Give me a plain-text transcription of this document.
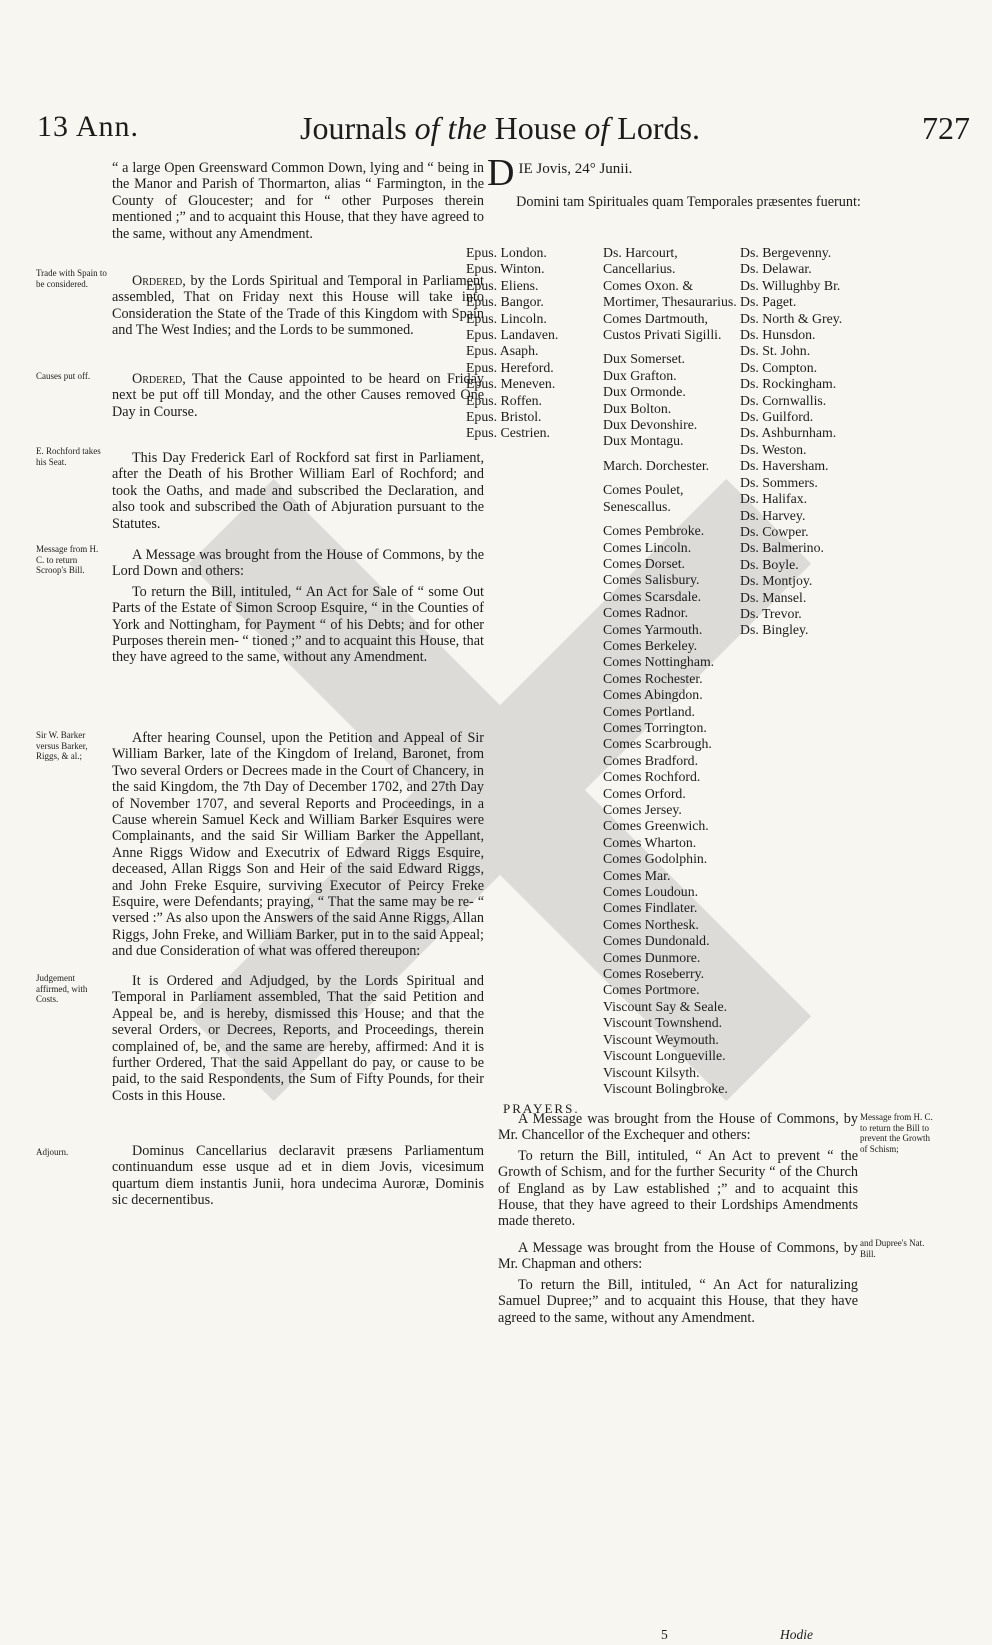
13 Ann.	Journals of the House of Lords.	727

“ a large Open Greensward Common Down, lying and “ being in the Manor and Parish of Thormarton, alias “ Farmington, in the County of Gloucester; and for “ other Purposes therein mentioned ;” and to acquaint this House, that they have agreed to the same, without any Amendment.

Trade with Spain to be considered.	Ordered, by the Lords Spiritual and Temporal in Parliament assembled, That on Friday next this House will take into Consideration the State of the Trade of this Kingdom with Spain and The West Indies; and the Lords to be summoned.

Causes put off.	Ordered, That the Cause appointed to be heard on Friday next be put off till Monday, and the other Causes removed One Day in Course.

E. Rochford takes his Seat.	This Day Frederick Earl of Rockford sat first in Parliament, after the Death of his Brother William Earl of Rochford; and took the Oaths, and made and subscribed the Declaration, and also took and subscribed the Oath of Abjuration pursuant to the Statutes.

Message from H. C. to return Scroop's Bill.

A Message was brought from the House of Commons, by the Lord Down and others:

To return the Bill, intituled, “ An Act for Sale of “ some Out Parts of the Estate of Simon Scroop Esquire, “ in the Counties of York and Nottingham, for Payment “ of his Debts; and for other Purposes therein men- “ tioned ;” and to acquaint this House, that they have agreed to the same, without any Amendment.

Sir W. Barker versus Barker, Riggs, & al.;

After hearing Counsel, upon the Petition and Appeal of Sir William Barker, late of the Kingdom of Ireland, Baronet, from Two several Orders or Decrees made in the Court of Chancery, in the said Kingdom, the 7th Day of December 1702, and 27th Day of November 1707, and several Reports and Proceedings, in a Cause wherein Samuel Keck and William Barker Esquires were Complainants, and the said Sir William Barker the Appellant, Anne Riggs Widow and Executrix of Edward Riggs Esquire, deceased, Allan Riggs Son and Heir of the said Edward Riggs, and John Freke Esquire, surviving Executor of Peircy Freke Esquire, were Defendants; praying, “ That the same may be re- “ versed :” As also upon the Answers of the said Anne Riggs, Allan Riggs, John Freke, and William Barker, put in to the said Appeal; and due Consideration of what was offered thereupon:

Judgement affirmed, with Costs.

It is Ordered and Adjudged, by the Lords Spiritual and Temporal in Parliament assembled, That the said Petition and Appeal be, and is hereby, dismissed this House; and that the several Orders, or Decrees, Reports, and Proceedings, therein complained of, be, and the same are hereby, affirmed: And it is further Ordered, That the said Appellant do pay, or cause to be paid, to the said Respondents, the Sum of Fifty Pounds, for their Costs in this House.

Adjourn.	Dominus Cancellarius declaravit præsens Parliamentum continuandum esse usque ad et in diem Jovis, vicesimum quartum diem instantis Junii, hora undecima Auroræ, Dominis sic decernentibus.

DIE Jovis, 24° Junii.
Domini tam Spirituales quam Temporales præsentes fuerunt:
Epus. London.
Epus. Winton.
Epus. Eliens.
Epus. Bangor.
Epus. Lincoln.
Epus. Landaven.
Epus. Asaph.
Epus. Hereford.
Epus. Meneven.
Epus. Roffen.
Epus. Bristol.
Epus. Cestrien.
Ds. Harcourt, Cancellarius.
Comes Oxon. & Mortimer, Thesaurarius.
Comes Dartmouth, Custos Privati Sigilli.
Dux Somerset.
Dux Grafton.
Dux Ormonde.
Dux Bolton.
Dux Devonshire.
Dux Montagu.
March. Dorchester.
Comes Poulet, Senescallus.
Comes Pembroke.
Comes Lincoln.
Comes Dorset.
Comes Salisbury.
Comes Scarsdale.
Comes Radnor.
Comes Yarmouth.
Comes Berkeley.
Comes Nottingham.
Comes Rochester.
Comes Abingdon.
Comes Portland.
Comes Torrington.
Comes Scarbrough.
Comes Bradford.
Comes Rochford.
Comes Orford.
Comes Jersey.
Comes Greenwich.
Comes Wharton.
Comes Godolphin.
Comes Mar.
Comes Loudoun.
Comes Findlater.
Comes Northesk.
Comes Dundonald.
Comes Dunmore.
Comes Roseberry.
Comes Portmore.
Viscount Say & Seale.
Viscount Townshend.
Viscount Weymouth.
Viscount Longueville.
Viscount Kilsyth.
Viscount Bolingbroke.
Ds. Bergevenny.
Ds. Delawar.
Ds. Willughby Br.
Ds. Paget.
Ds. North & Grey.
Ds. Hunsdon.
Ds. St. John.
Ds. Compton.
Ds. Rockingham.
Ds. Cornwallis.
Ds. Guilford.
Ds. Ashburnham.
Ds. Weston.
Ds. Haversham.
Ds. Sommers.
Ds. Halifax.
Ds. Harvey.
Ds. Cowper.
Ds. Balmerino.
Ds. Boyle.
Ds. Montjoy.
Ds. Mansel.
Ds. Trevor.
Ds. Bingley.
PRAYERS.
Message from H. C. to return the Bill to prevent the Growth of Schism;

A Message was brought from the House of Commons, by Mr. Chancellor of the Exchequer and others:

To return the Bill, intituled, “ An Act to prevent “ the Growth of Schism, and for the further Security “ of the Church of England as by Law established ;” and to acquaint this House, that they have agreed to their Lordships Amendments made thereto.

and Dupree's Nat. Bill.

A Message was brought from the House of Commons, by Mr. Chapman and others:

To return the Bill, intituled, “ An Act for naturalizing Samuel Dupree;” and to acquaint this House, that they have agreed to the same, without any Amendment.

5	Hodie
